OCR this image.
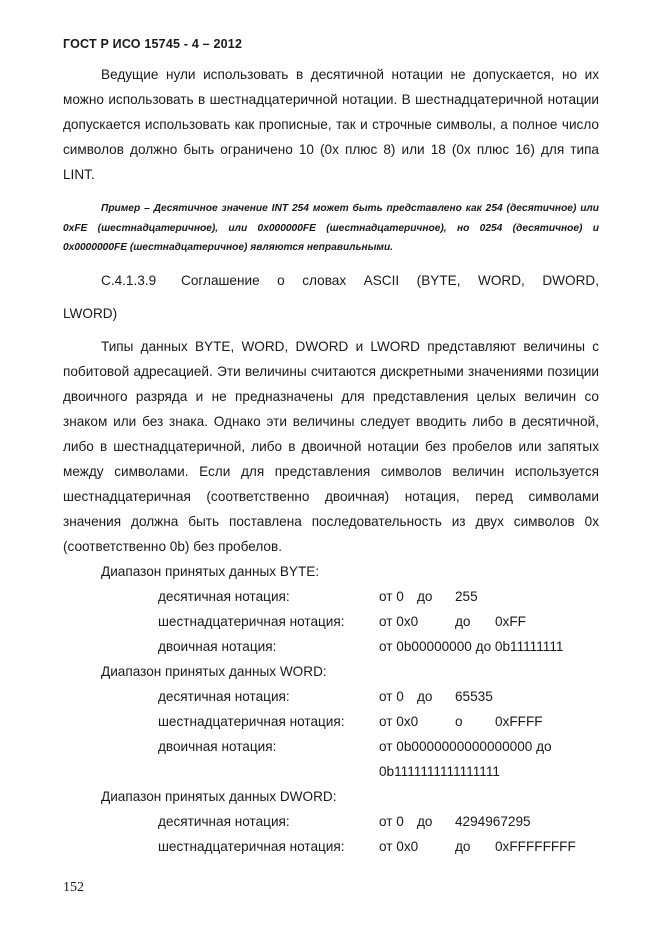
ГОСТ Р ИСО 15745 - 4 – 2012

Ведущие нули использовать в десятичной нотации не допускается, но их можно использовать в шестнадцатеричной нотации. В шестнадцатеричной нотации допускается использовать как прописные, так и строчные символы, а полное число символов должно быть ограничено 10 (0x плюс 8) или 18 (0x плюс 16) для типа LINT.

Пример – Десятичное значение INT 254 может быть представлено как 254 (десятичное) или 0xFE (шестнадцатеричное), или 0x000000FE (шестнадцатеричное), но 0254 (десятичное) и 0x0000000FE (шестнадцатеричное) являются неправильными.

C.4.1.3.9 Соглашение о словах ASCII (BYTE, WORD, DWORD,
LWORD)

Типы данных BYTE, WORD, DWORD и LWORD представляют величины с побитовой адресацией. Эти величины считаются дискретными значениями позиции двоичного разряда и не предназначены для представления целых величин со знаком или без знака. Однако эти величины следует вводить либо в десятичной, либо в шестнадцатеричной, либо в двоичной нотации без пробелов или запятых между символами. Если для представления символов величин используется шестнадцатеричная (соответственно двоичная) нотация, перед символами значения должна быть поставлена последовательность из двух символов 0x (соответственно 0b) без пробелов.

Диапазон принятых данных BYTE:
десятичная нотация:	от 0 до 255
шестнадцатеричная нотация:	от 0x0	до 0xFF
двоичная нотация:	от 0b00000000 до 0b11111111
Диапазон принятых данных WORD:
десятичная нотация:	от 0 до 65535
шестнадцатеричная нотация:	от 0x0	о 0xFFFF
двоичная нотация:	от 0b0000000000000000 до
0b1111111111111111
Диапазон принятых данных DWORD:
десятичная нотация:	от 0 до 4294967295
шестнадцатеричная нотация:	от 0x0	до 0xFFFFFFFF
152
